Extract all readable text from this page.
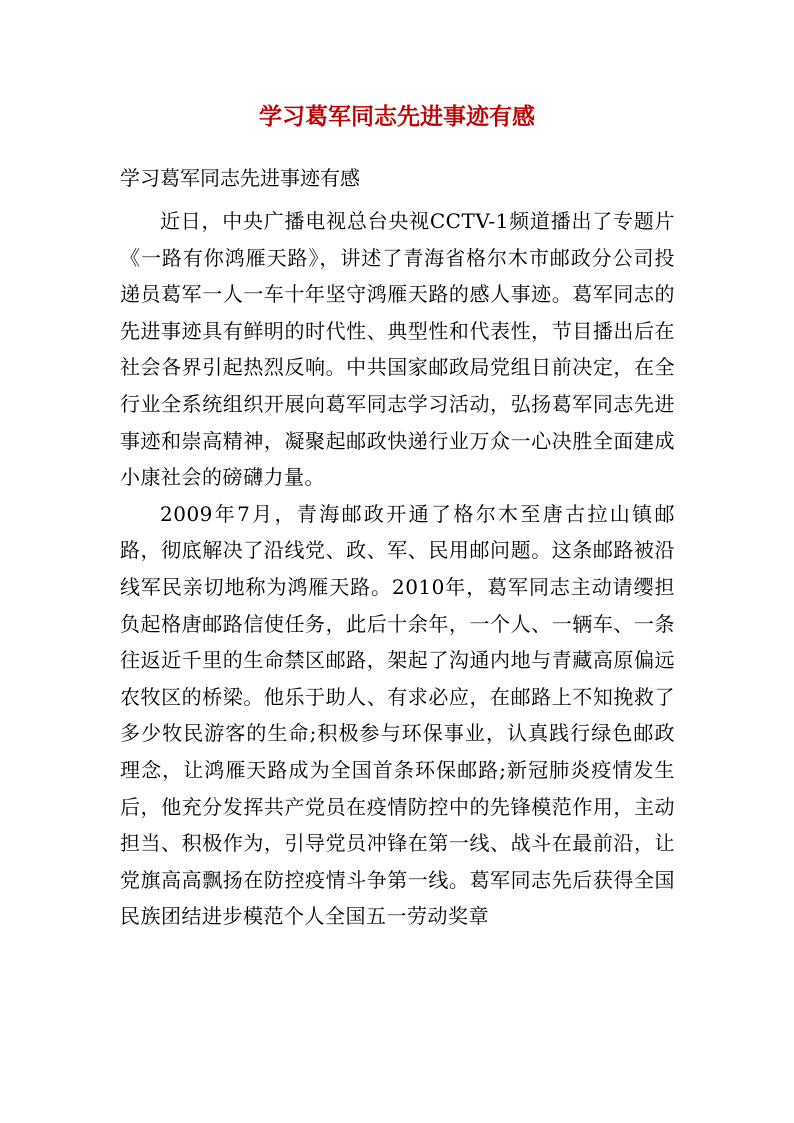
学习葛军同志先进事迹有感

学习葛军同志先进事迹有感

近日，中央广播电视总台央视CCTV-1频道播出了专题片《一路有你鸿雁天路》，讲述了青海省格尔木市邮政分公司投递员葛军一人一车十年坚守鸿雁天路的感人事迹。葛军同志的先进事迹具有鲜明的时代性、典型性和代表性，节目播出后在社会各界引起热烈反响。中共国家邮政局党组日前决定，在全行业全系统组织开展向葛军同志学习活动，弘扬葛军同志先进事迹和崇高精神，凝聚起邮政快递行业万众一心决胜全面建成小康社会的磅礴力量。

2009年7月，青海邮政开通了格尔木至唐古拉山镇邮路，彻底解决了沿线党、政、军、民用邮问题。这条邮路被沿线军民亲切地称为鸿雁天路。2010年，葛军同志主动请缨担负起格唐邮路信使任务，此后十余年，一个人、一辆车、一条往返近千里的生命禁区邮路，架起了沟通内地与青藏高原偏远农牧区的桥梁。他乐于助人、有求必应，在邮路上不知挽救了多少牧民游客的生命;积极参与环保事业，认真践行绿色邮政理念，让鸿雁天路成为全国首条环保邮路;新冠肺炎疫情发生后，他充分发挥共产党员在疫情防控中的先锋模范作用，主动担当、积极作为，引导党员冲锋在第一线、战斗在最前沿，让党旗高高飘扬在防控疫情斗争第一线。葛军同志先后获得全国民族团结进步模范个人全国五一劳动奖章
